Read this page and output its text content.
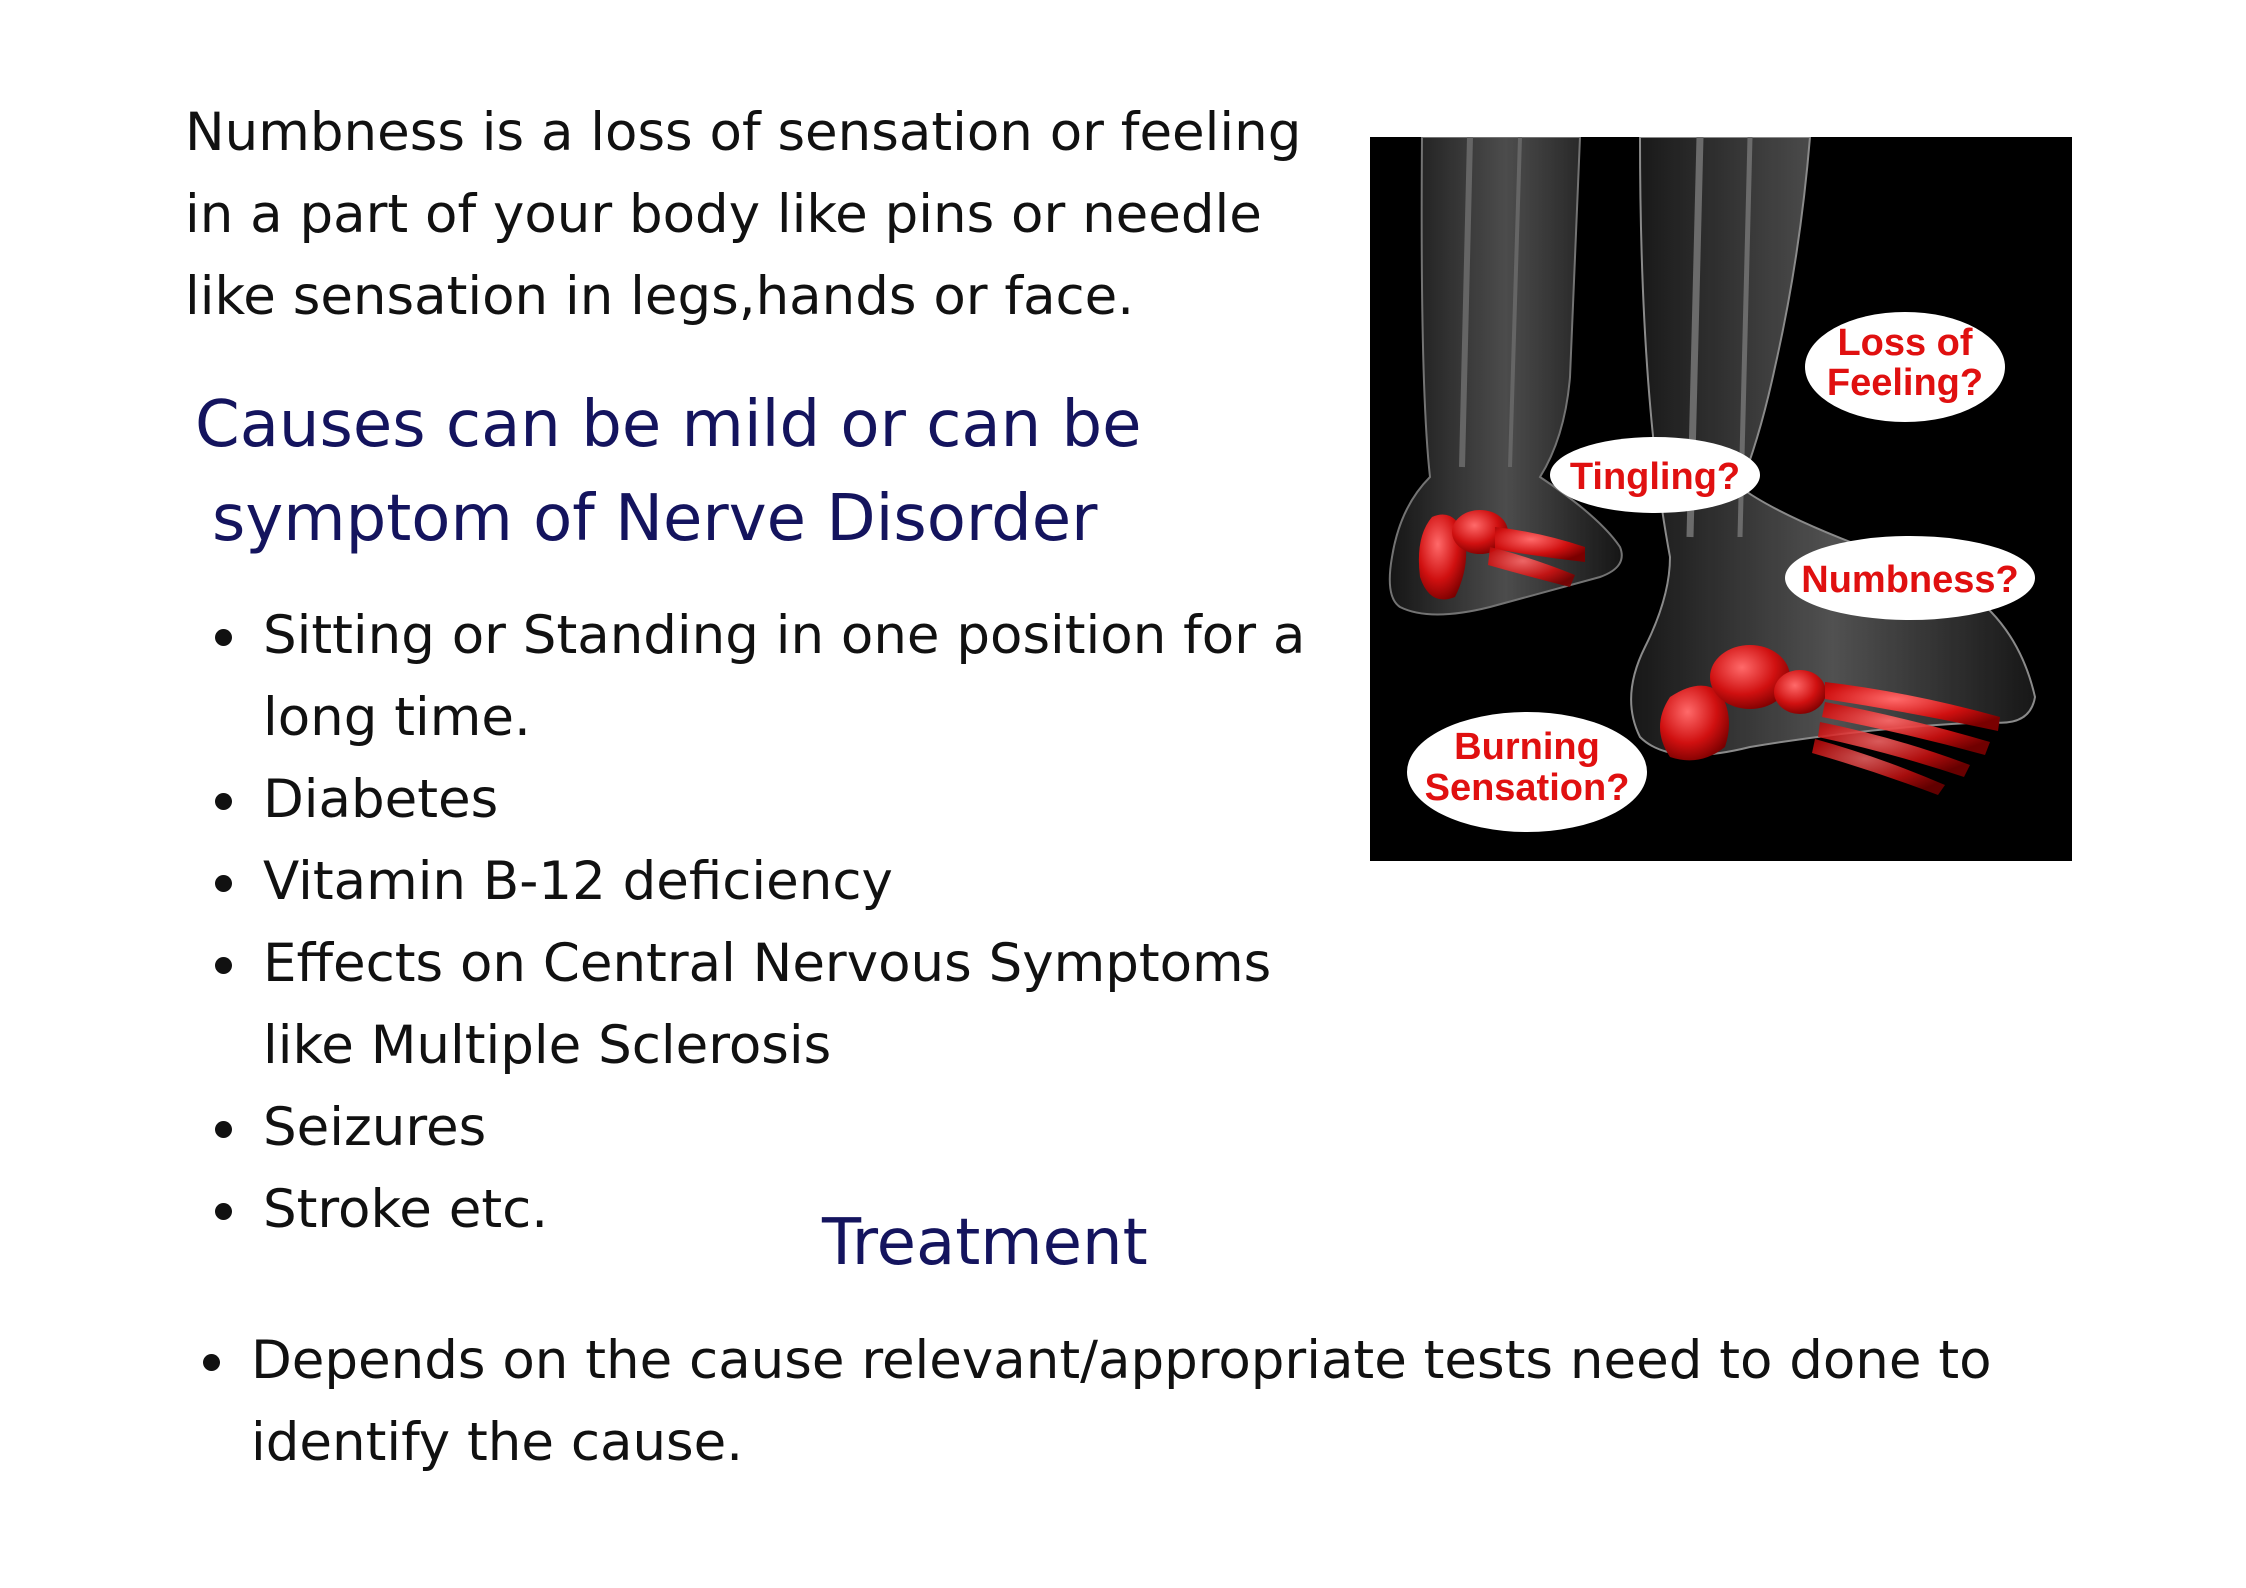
Numbness is a loss of sensation or feeling
in a part of your body like pins or needle
like sensation in legs,hands or face.

Causes can be mild or can be
symptom of Nerve Disorder
Sitting or Standing in one position for a long time.
Diabetes
Vitamin B-12 deficiency
Effects on Central Nervous Symptoms like Multiple Sclerosis
Seizures
Stroke etc.	Treatment
Depends on the cause relevant/appropriate tests need to done to identify the cause.
Loss of
Feeling?
Tingling?
Numbness?
Burning
Sensation?
